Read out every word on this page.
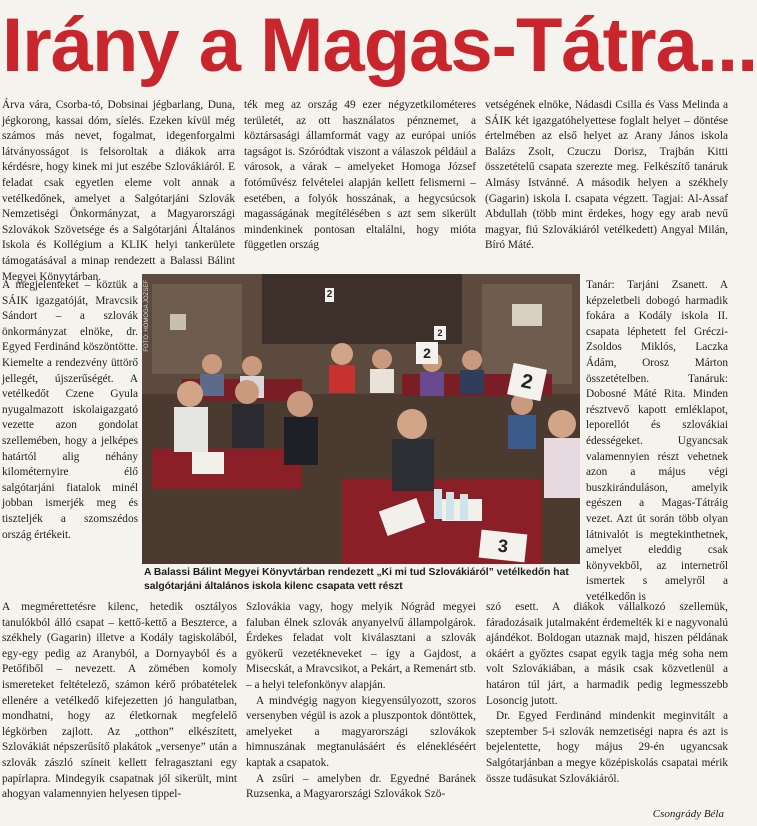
Irány a Magas-Tátra...

Árva vára, Csorba-tó, Dobsinai jégbarlang, Duna, jégkorong, kassai dóm, síelés. Ezeken kívül még számos más nevet, fogalmat, idegenforgalmi látványosságot is felsoroltak a diákok arra kérdésre, hogy kinek mi jut eszébe Szlovákiáról. E feladat csak egyetlen eleme volt annak a vetélkedőnek, amelyet a Salgótarjáni Szlovák Nemzetiségi Önkormányzat, a Magyarországi Szlovákok Szövetsége és a Salgótarjáni Általános Iskola és Kollégium a KLIK helyi tankerülete támogatásával a minap rendezett a Balassi Bálint Megyei Könyvtárban.

ték meg az ország 49 ezer négyzetkilométeres területét, az ott használatos pénznemet, a köztársasági államformát vagy az európai uniós tagságot is. Szóródtak viszont a válaszok például a városok, a várak – amelyeket Homoga József fotóművész felvételei alapján kellett felismerni – esetében, a folyók hosszának, a hegycsúcsok magasságának megítélésében s azt sem sikerült mindenkinek pontosan eltalálni, hogy mióta független ország

vetségének elnöke, Nádasdi Csilla és Vass Melinda a SÁIK két igazgatóhelyettese foglalt helyet – döntése értelmében az első helyet az Arany János iskola Balázs Zsolt, Czuczu Dorisz, Trajbán Kitti összetételű csapata szerezte meg. Felkészítő tanáruk Almásy Istvánné. A második helyen a székhely (Gagarin) iskola I. csapata végzett. Tagjai: Al-Assaf Abdullah (több mint érdekes, hogy egy arab nevű magyar, fiú Szlovákiáról vetélkedett) Angyal Milán, Bíró Máté.

A megjelenteket – köztük a SÁIK igazgatóját, Mravcsik Sándort – a szlovák önkormányzat elnöke, dr. Egyed Ferdinánd köszöntötte. Kiemelte a rendezvény üttörő jellegét, újszerűségét. A vetélkedőt Czene Gyula nyugalmazott iskolaigazgató vezette azon gondolat szellemében, hogy a jelképes határtól alig néhány kilométernyire élő salgótarjáni fiatalok minél jobban ismerjék meg és tiszteljék a szomszédos ország értékeit.

Tanár: Tarjáni Zsanett. A képzeletbeli dobogó harmadik fokára a Kodály iskola II. csapata léphetett fel Gréczi-Zsoldos Miklós, Laczka Ádám, Orosz Márton összetételben. Tanáruk: Dobosné Máté Rita. Minden résztvevő kapott emléklapot, leporellót és szlovákiai édességeket. Ugyancsak valamennyien részt vehetnek azon a május végi buszkiránduláson, amelyik egészen a Magas-Tátráig vezet. Azt út során több olyan látnivalót is megtekinthetnek, amelyet eleddig csak könyvekből, az internetről ismertek s amelyről a vetélkedőn is

2
2
2
2
3
FOTÓ: HOMOGA JÓZSEF
A Balassi Bálint Megyei Könyvtárban rendezett „Ki mi tud Szlovákiáról” vetélkedőn hat salgótarjáni általános iskola kilenc csapata vett részt

A megmérettetésre kilenc, hetedik osztályos tanulókból álló csapat – kettő-kettő a Beszterce, a székhely (Gagarin) illetve a Kodály tagiskolából, egy-egy pedig az Aranyból, a Dornyayból és a Petőfiből – nevezett. A zömében komoly ismereteket feltételező, számon kérő próbatételek ellenére a vetélkedő kifejezetten jó hangulatban, mondhatni, hogy az életkornak megfelelő légkörben zajlott. Az „otthon” elkészített, Szlovákiát népszerűsítő plakátok „versenye” után a szlovák zászló színeit kellett felragasztani egy papírlapra. Mindegyik csapatnak jól sikerült, mint ahogyan valamennyien helyesen tippel-

Szlovákia vagy, hogy melyik Nógrád megyei faluban élnek szlovák anyanyelvű állampolgárok. Érdekes feladat volt kiválasztani a szlovák gyökerű vezetékneveket – így a Gajdost, a Misecskát, a Mravcsikot, a Pekárt, a Remenárt stb. – a helyi telefonkönyv alapján.

A mindvégig nagyon kiegyensúlyozott, szoros versenyben végül is azok a pluszpontok döntöttek, amelyeket a magyarországi szlovákok himnuszának megtanulásáért és elénekléséért kaptak a csapatok.

A zsűri – amelyben dr. Egyedné Baránek Ruzsenka, a Magyarországi Szlovákok Szö-

szó esett. A diákok vállalkozó szellemük, fáradozásaik jutalmaként érdemelték ki e nagyvonalú ajándékot. Boldogan utaznak majd, hiszen példának okáért a győztes csapat egyik tagja még soha nem volt Szlovákiában, a másik csak közvetlenül a határon túl járt, a harmadik pedig legmesszebb Losoncig jutott.

Dr. Egyed Ferdinánd mindenkit meginvitált a szeptember 5-i szlovák nemzetiségi napra és azt is bejelentette, hogy május 29-én ugyancsak Salgótarjánban a megye középiskolás csapatai mérik össze tudásukat Szlovákiáról.

Csongrády Béla
